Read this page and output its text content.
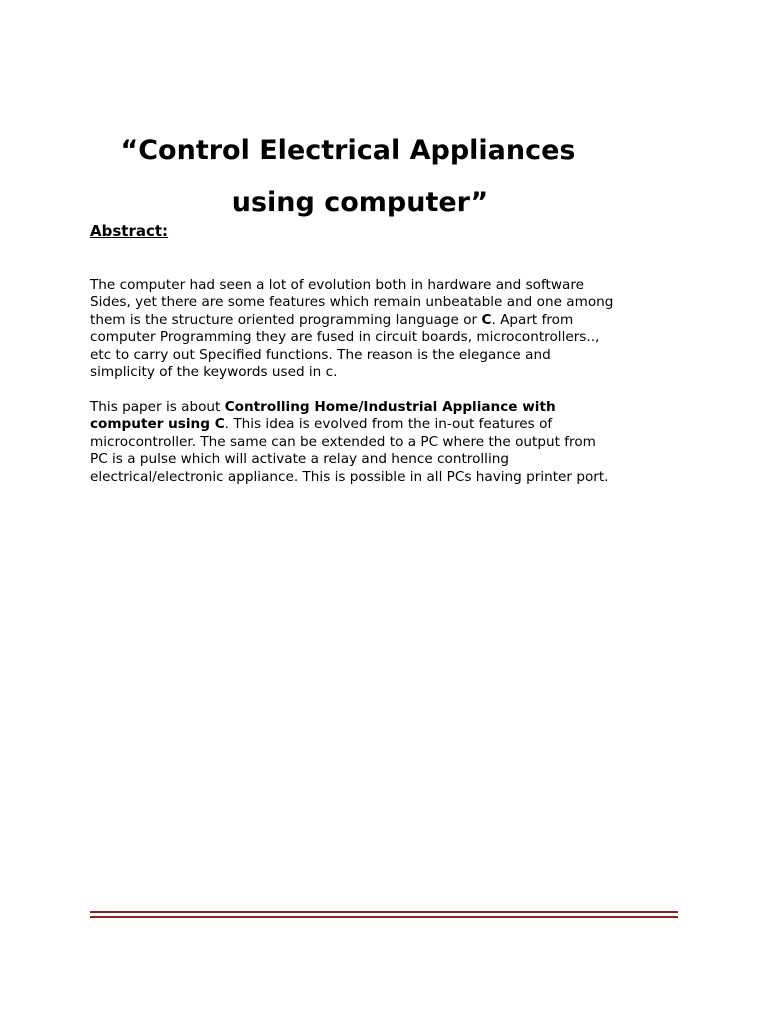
“Control Electrical Appliances
using computer”
Abstract:

The computer had seen a lot of evolution both in hardware and software
Sides, yet there are some features which remain unbeatable and one among
them is the structure oriented programming language or C. Apart from
computer Programming they are fused in circuit boards, microcontrollers..,
etc to carry out Specified functions. The reason is the elegance and
simplicity of the keywords used in c.

This paper is about Controlling Home/Industrial Appliance with
computer using C. This idea is evolved from the in-out features of
microcontroller. The same can be extended to a PC where the output from
PC is a pulse which will activate a relay and hence controlling
electrical/electronic appliance. This is possible in all PCs having printer port.
